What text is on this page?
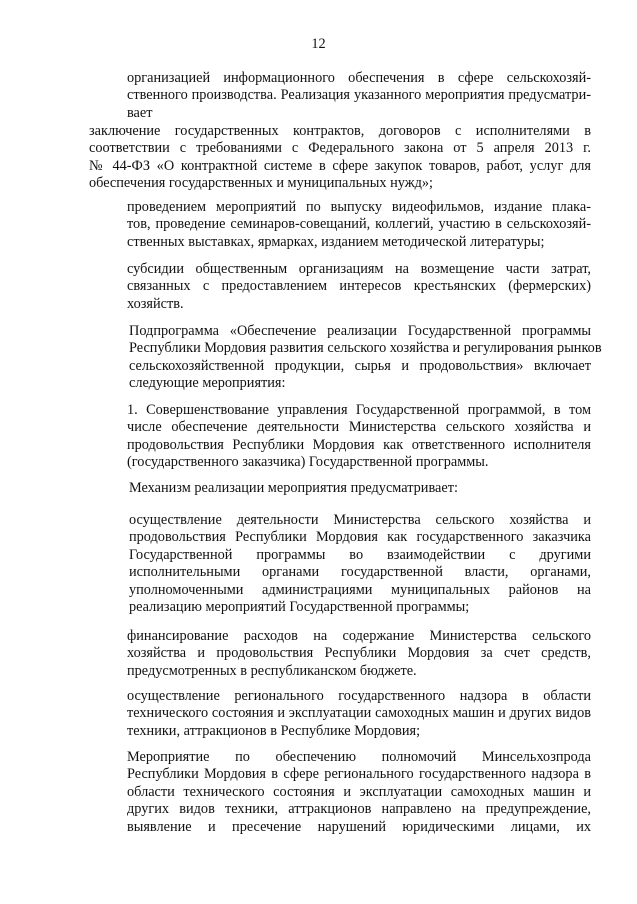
12

организацией информационного обеспечения в сфере сельскохозяй-
ственного производства. Реализация указанного мероприятия предусматри-
вает

заключение государственных контрактов, договоров с исполнителями в
соответствии с требованиями с Федерального закона от 5 апреля 2013 г.
№ 44-ФЗ «О контрактной системе в сфере закупок товаров, работ, услуг для
обеспечения государственных и муниципальных нужд»;

проведением мероприятий по выпуску видеофильмов, издание плака-
тов, проведение семинаров-совещаний, коллегий, участию в сельскохозяй-
ственных выставках, ярмарках, изданием методической литературы;

субсидии общественным организациям на возмещение части затрат,
связанных с предоставлением интересов крестьянских (фермерских)
хозяйств.

Подпрограмма «Обеспечение реализации Государственной программы
Республики Мордовия развития сельского хозяйства и регулирования рынков
сельскохозяйственной продукции, сырья и продовольствия» включает
следующие мероприятия:

1. Совершенствование управления Государственной программой, в том
числе обеспечение деятельности Министерства сельского хозяйства и
продовольствия Республики Мордовия как ответственного исполнителя
(государственного заказчика) Государственной программы.

Механизм реализации мероприятия предусматривает:

осуществление деятельности Министерства сельского хозяйства и
продовольствия Республики Мордовия как государственного заказчика
Государственной программы во взаимодействии с другими
исполнительными органами государственной власти, органами,
уполномоченными администрациями муниципальных районов на
реализацию мероприятий Государственной программы;

финансирование расходов на содержание Министерства сельского
хозяйства и продовольствия Республики Мордовия за счет средств,
предусмотренных в республиканском бюджете.

осуществление регионального государственного надзора в области
технического состояния и эксплуатации самоходных машин и других видов
техники, аттракционов в Республике Мордовия;

Мероприятие по обеспечению полномочий Минсельхозпрода
Республики Мордовия в сфере регионального государственного надзора в
области технического состояния и эксплуатации самоходных машин и
других видов техники, аттракционов направлено на предупреждение,
выявление и пресечение нарушений юридическими лицами, их
